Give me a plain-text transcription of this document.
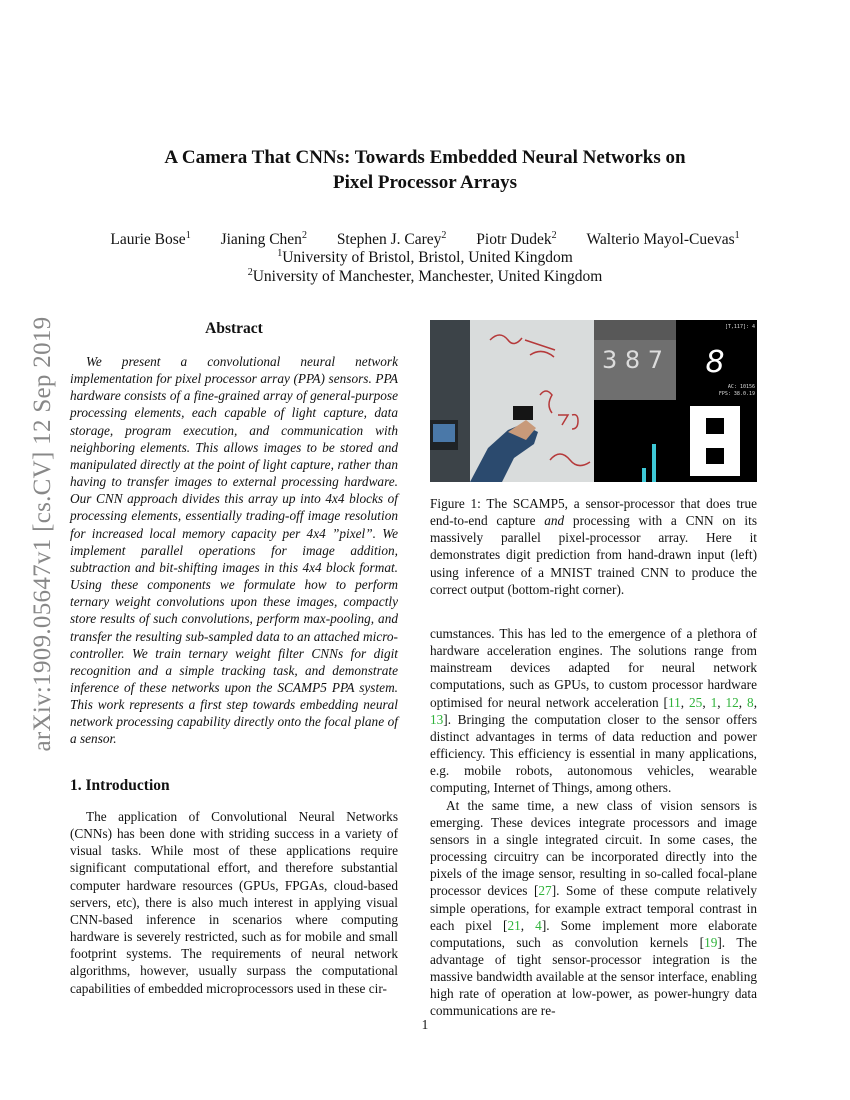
arXiv:1909.05647v1 [cs.CV] 12 Sep 2019
A Camera That CNNs: Towards Embedded Neural Networks on
Pixel Processor Arrays
Laurie Bose$^1$ Jianing Chen$^2$ Stephen J. Carey$^2$ Piotr Dudek$^2$ Walterio Mayol-Cuevas$^1$
$^1$University of Bristol, Bristol, United Kingdom
$^2$University of Manchester, Manchester, United Kingdom
Abstract

We present a convolutional neural network implementation for pixel processor array (PPA) sensors. PPA hardware consists of a fine-grained array of general-purpose processing elements, each capable of light capture, data storage, program execution, and communication with neighboring elements. This allows images to be stored and manipulated directly at the point of light capture, rather than having to transfer images to external processing hardware. Our CNN approach divides this array up into 4x4 blocks of processing elements, essentially trading-off image resolution for increased local memory capacity per 4x4 ”pixel”. We implement parallel operations for image addition, subtraction and bit-shifting images in this 4x4 block format. Using these components we formulate how to perform ternary weight convolutions upon these images, compactly store results of such convolutions, perform max-pooling, and transfer the resulting sub-sampled data to an attached micro-controller. We train ternary weight filter CNNs for digit recognition and a simple tracking task, and demonstrate inference of these networks upon the SCAMP5 PPA system. This work represents a first step towards embedding neural network processing capability directly onto the focal plane of a sensor.

1. Introduction

The application of Convolutional Neural Networks (CNNs) has been done with striding success in a variety of visual tasks. While most of these applications require significant computational effort, and therefore substantial computer hardware resources (GPUs, FPGAs, cloud-based servers, etc), there is also much interest in applying visual CNN-based inference in scenarios where computing hardware is severely restricted, such as for mobile and small footprint systems. The requirements of neural network algorithms, however, usually surpass the computational capabilities of embedded microprocessors used in these cir-

3 8 7 8
[T,117]: 4
AC: 10156
FPS: 38.0.19
Figure 1: The SCAMP5, a sensor-processor that does true end-to-end capture and processing with a CNN on its massively parallel pixel-processor array. Here it demonstrates digit prediction from hand-drawn input (left) using inference of a MNIST trained CNN to produce the correct output (bottom-right corner).

cumstances. This has led to the emergence of a plethora of hardware acceleration engines. The solutions range from mainstream devices adapted for neural network computations, such as GPUs, to custom processor hardware optimised for neural network acceleration [11, 25, 1, 12, 8, 13]. Bringing the computation closer to the sensor offers distinct advantages in terms of data reduction and power efficiency. This efficiency is essential in many applications, e.g. mobile robots, autonomous vehicles, wearable computing, Internet of Things, among others.

At the same time, a new class of vision sensors is emerging. These devices integrate processors and image sensors in a single integrated circuit. In some cases, the processing circuitry can be incorporated directly into the pixels of the image sensor, resulting in so-called focal-plane processor devices [27]. Some of these compute relatively simple operations, for example extract temporal contrast in each pixel [21, 4]. Some implement more elaborate computations, such as convolution kernels [19]. The advantage of tight sensor-processor integration is the massive bandwidth available at the sensor interface, enabling high rate of operation at low-power, as power-hungry data communications are re-

1
